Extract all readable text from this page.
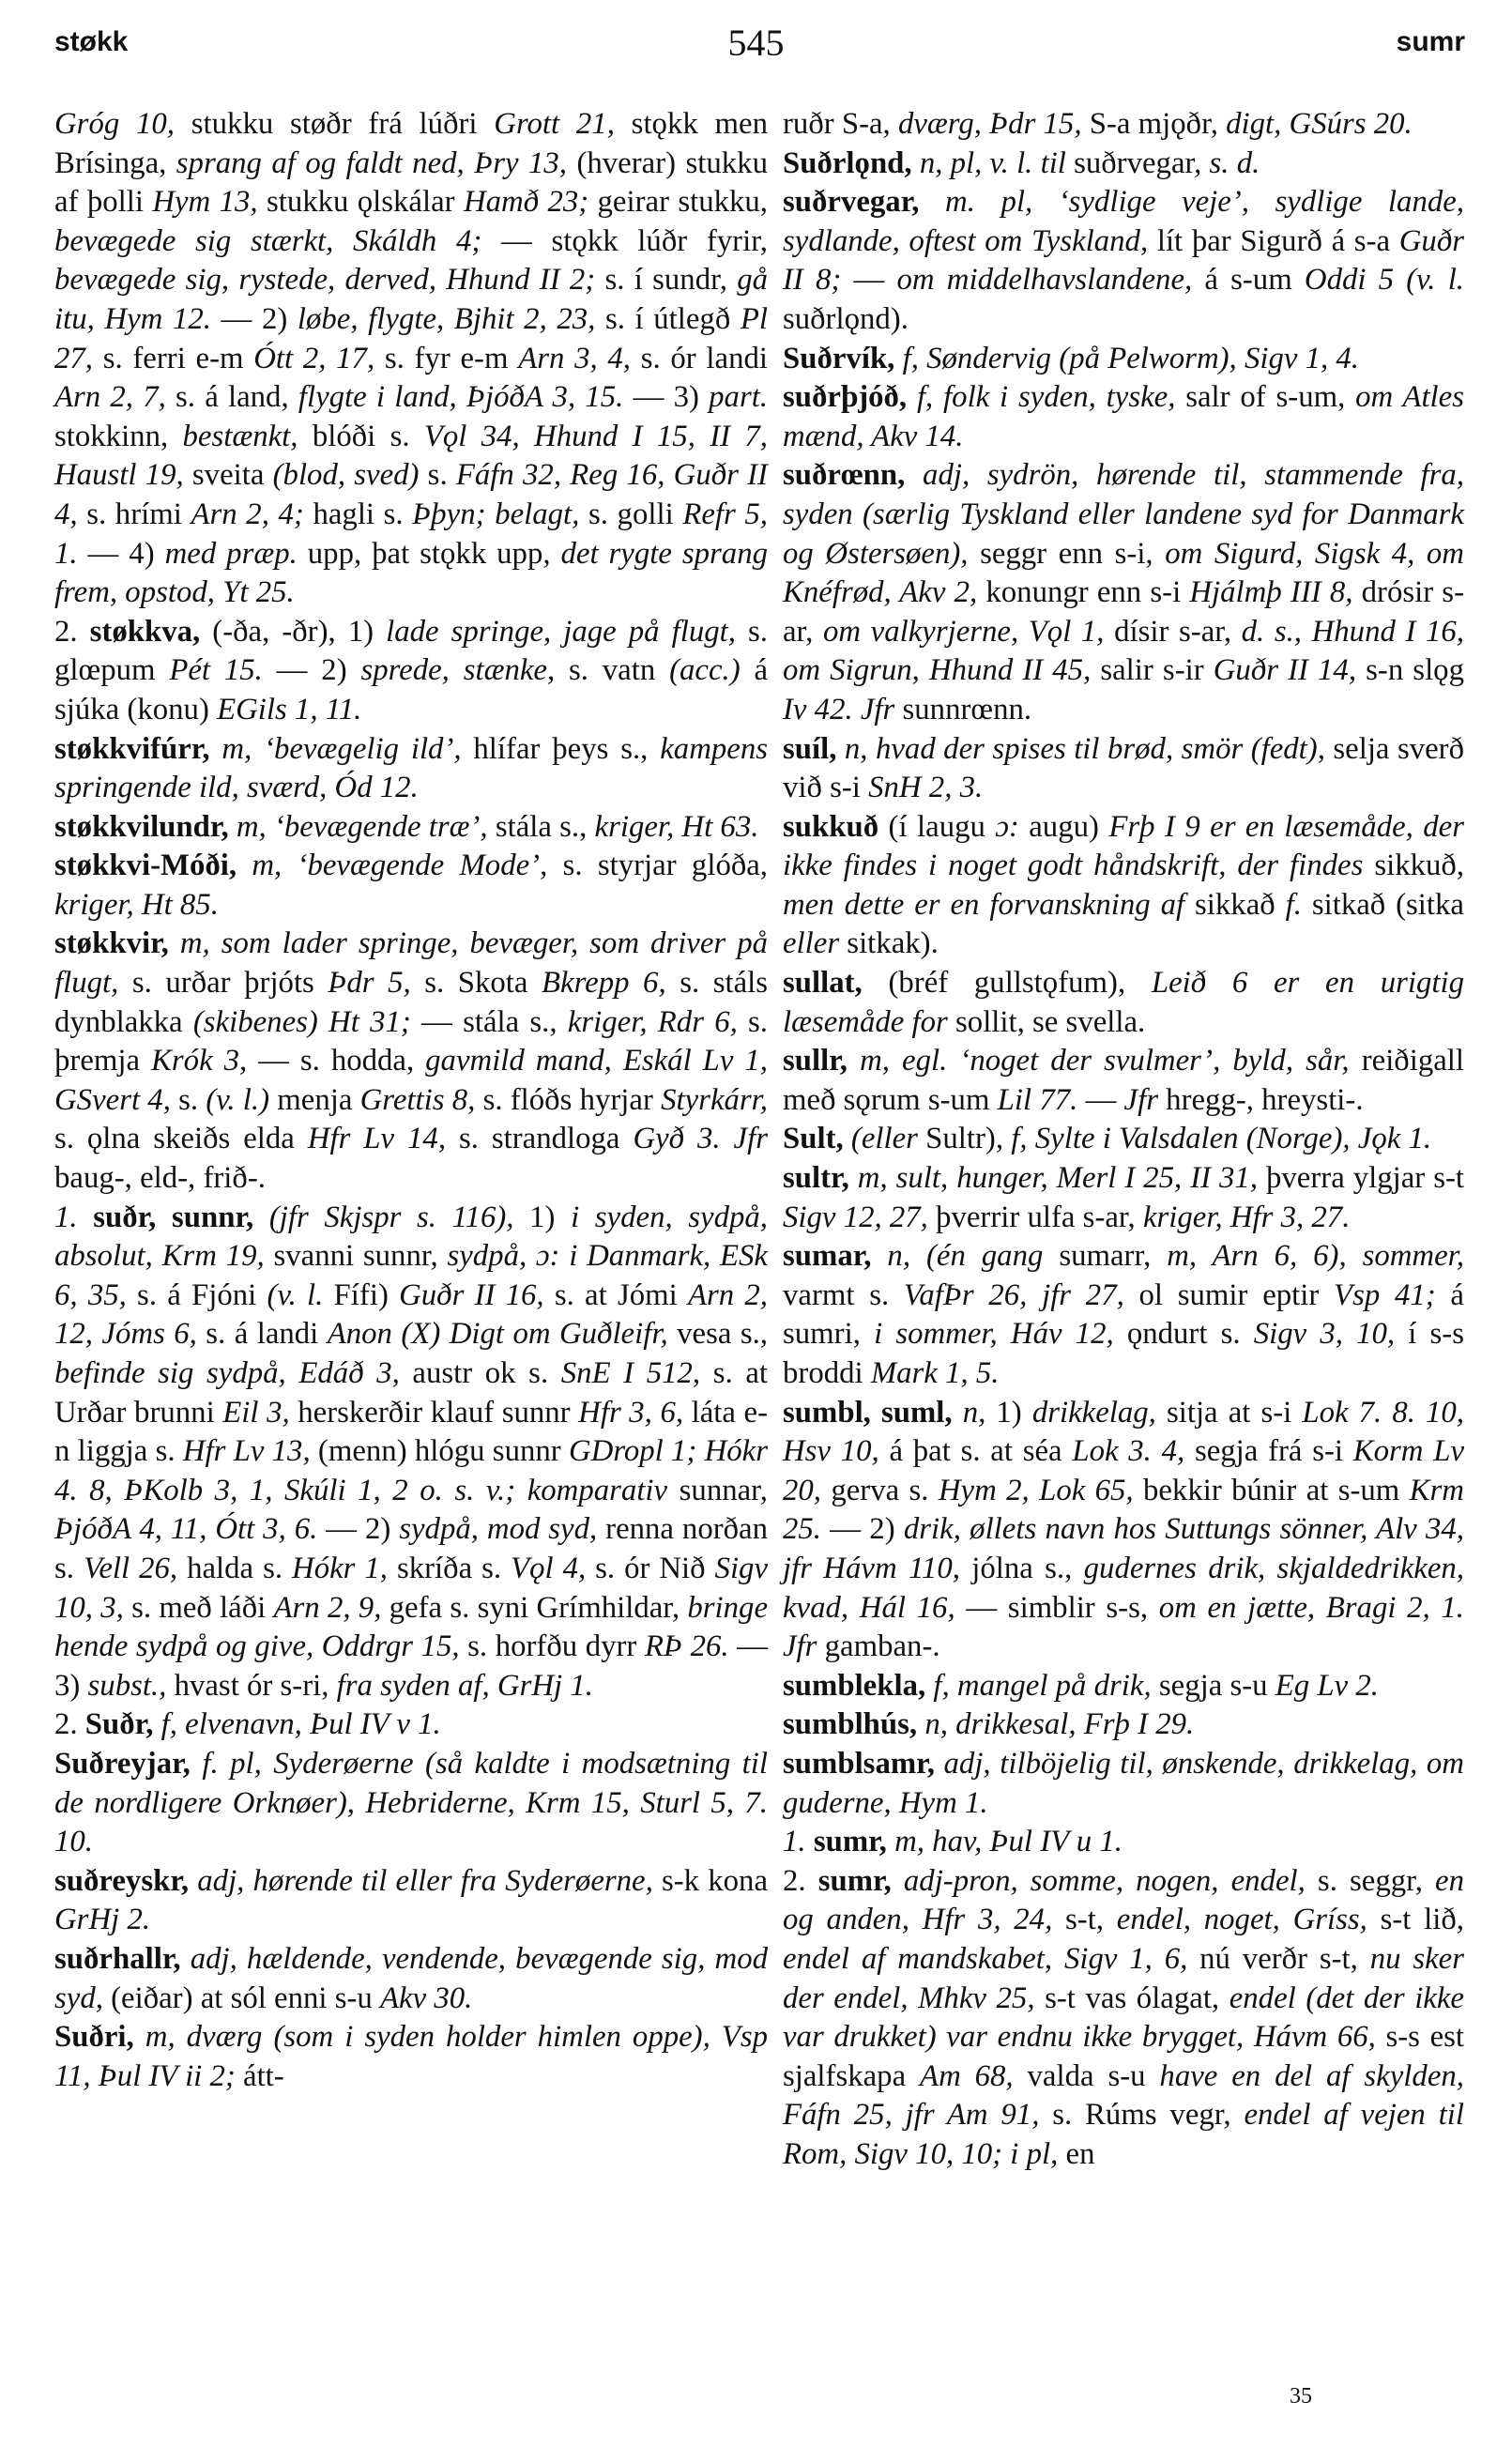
støkk	545	sumr

Gróg 10, stukku støðr frá lúðri Grott 21, stǫkk men Brísinga, sprang af og faldt ned, Þry 13, (hverar) stukku af þolli Hym 13, stukku ǫlskálar Hamð 23; geirar stukku, bevægede sig stærkt, Skáldh 4; — stǫkk lúðr fyrir, bevægede sig, rystede, derved, Hhund II 2; s. í sundr, gå itu, Hym 12. — 2) løbe, flygte, Bjhit 2, 23, s. í útlegð Pl 27, s. ferri e-m Ótt 2, 17, s. fyr e-m Arn 3, 4, s. ór landi Arn 2, 7, s. á land, flygte i land, ÞjóðA 3, 15. — 3) part. stokkinn, bestænkt, blóði s. Vǫl 34, Hhund I 15, II 7, Haustl 19, sveita (blod, sved) s. Fáfn 32, Reg 16, Guðr II 4, s. hrími Arn 2, 4; hagli s. Þþyn; belagt, s. golli Refr 5, 1. — 4) med præp. upp, þat stǫkk upp, det rygte sprang frem, opstod, Yt 25.

2. støkkva, (-ða, -ðr), 1) lade springe, jage på flugt, s. glœpum Pét 15. — 2) sprede, stænke, s. vatn (acc.) á sjúka (konu) EGils 1, 11.

støkkvifúrr, m, ‘bevægelig ild’, hlífar þeys s., kampens springende ild, sværd, Ód 12.

støkkvilundr, m, ‘bevægende træ’, stála s., kriger, Ht 63.

støkkvi-Móði, m, ‘bevægende Mode’, s. styrjar glóða, kriger, Ht 85.

støkkvir, m, som lader springe, bevæger, som driver på flugt, s. urðar þrjóts Þdr 5, s. Skota Bkrepp 6, s. stáls dynblakka (skibenes) Ht 31; — stála s., kriger, Rdr 6, s. þremja Krók 3, — s. hodda, gavmild mand, Eskál Lv 1, GSvert 4, s. (v. l.) menja Grettis 8, s. flóðs hyrjar Styrkárr, s. ǫlna skeiðs elda Hfr Lv 14, s. strandloga Gyð 3. Jfr baug-, eld-, frið-.

1. suðr, sunnr, (jfr Skjspr s. 116), 1) i syden, sydpå, absolut, Krm 19, svanni sunnr, sydpå, ɔ: i Danmark, ESk 6, 35, s. á Fjóni (v. l. Fífi) Guðr II 16, s. at Jómi Arn 2, 12, Jóms 6, s. á landi Anon (X) Digt om Guðleifr, vesa s., befinde sig sydpå, Edáð 3, austr ok s. SnE I 512, s. at Urðar brunni Eil 3, herskerðir klauf sunnr Hfr 3, 6, láta e-n liggja s. Hfr Lv 13, (menn) hlógu sunnr GDropl 1; Hókr 4. 8, ÞKolb 3, 1, Skúli 1, 2 o. s. v.; komparativ sunnar, ÞjóðA 4, 11, Ótt 3, 6. — 2) sydpå, mod syd, renna norðan s. Vell 26, halda s. Hókr 1, skríða s. Vǫl 4, s. ór Nið Sigv 10, 3, s. með láði Arn 2, 9, gefa s. syni Grímhildar, bringe hende sydpå og give, Oddrgr 15, s. horfðu dyrr RÞ 26. — 3) subst., hvast ór s-ri, fra syden af, GrHj 1.

2. Suðr, f, elvenavn, Þul IV v 1.

Suðreyjar, f. pl, Syderøerne (så kaldte i modsætning til de nordligere Orknøer), Hebriderne, Krm 15, Sturl 5, 7. 10.

suðreyskr, adj, hørende til eller fra Syderøerne, s-k kona GrHj 2.

suðrhallr, adj, hældende, vendende, bevægende sig, mod syd, (eiðar) at sól enni s-u Akv 30.

Suðri, m, dværg (som i syden holder himlen oppe), Vsp 11, Þul IV ii 2; átt-

ruðr S-a, dværg, Þdr 15, S-a mjǫðr, digt, GSúrs 20.

Suðrlǫnd, n, pl, v. l. til suðrvegar, s. d.

suðrvegar, m. pl, ‘sydlige veje’, sydlige lande, sydlande, oftest om Tyskland, lít þar Sigurð á s-a Guðr II 8; — om middelhavslandene, á s-um Oddi 5 (v. l. suðrlǫnd).

Suðrvík, f, Søndervig (på Pelworm), Sigv 1, 4.

suðrþjóð, f, folk i syden, tyske, salr of s-um, om Atles mænd, Akv 14.

suðrœnn, adj, sydrön, hørende til, stammende fra, syden (særlig Tyskland eller landene syd for Danmark og Østersøen), seggr enn s-i, om Sigurd, Sigsk 4, om Knéfrød, Akv 2, konungr enn s-i Hjálmþ III 8, drósir s-ar, om valkyrjerne, Vǫl 1, dísir s-ar, d. s., Hhund I 16, om Sigrun, Hhund II 45, salir s-ir Guðr II 14, s-n slǫg Iv 42. Jfr sunnrœnn.

suíl, n, hvad der spises til brød, smör (fedt), selja sverð við s-i SnH 2, 3.

sukkuð (í laugu ɔ: augu) Frþ I 9 er en læsemåde, der ikke findes i noget godt håndskrift, der findes sikkuð, men dette er en forvanskning af sikkað f. sitkað (sitka eller sitkak).

sullat, (bréf gullstǫfum), Leið 6 er en urigtig læsemåde for sollit, se svella.

sullr, m, egl. ‘noget der svulmer’, byld, sår, reiðigall með sǫrum s-um Lil 77. — Jfr hregg-, hreysti-.

Sult, (eller Sultr), f, Sylte i Valsdalen (Norge), Jǫk 1.

sultr, m, sult, hunger, Merl I 25, II 31, þverra ylgjar s-t Sigv 12, 27, þverrir ulfa s-ar, kriger, Hfr 3, 27.

sumar, n, (én gang sumarr, m, Arn 6, 6), sommer, varmt s. VafÞr 26, jfr 27, ol sumir eptir Vsp 41; á sumri, i sommer, Háv 12, ǫndurt s. Sigv 3, 10, í s-s broddi Mark 1, 5.

sumbl, suml, n, 1) drikkelag, sitja at s-i Lok 7. 8. 10, Hsv 10, á þat s. at séa Lok 3. 4, segja frá s-i Korm Lv 20, gerva s. Hym 2, Lok 65, bekkir búnir at s-um Krm 25. — 2) drik, øllets navn hos Suttungs sönner, Alv 34, jfr Hávm 110, jólna s., gudernes drik, skjaldedrikken, kvad, Hál 16, — simblir s-s, om en jætte, Bragi 2, 1. Jfr gamban-.

sumblekla, f, mangel på drik, segja s-u Eg Lv 2.

sumblhús, n, drikkesal, Frþ I 29.

sumblsamr, adj, tilböjelig til, ønskende, drikkelag, om guderne, Hym 1.

1. sumr, m, hav, Þul IV u 1.

2. sumr, adj-pron, somme, nogen, endel, s. seggr, en og anden, Hfr 3, 24, s-t, endel, noget, Gríss, s-t lið, endel af mandskabet, Sigv 1, 6, nú verðr s-t, nu sker der endel, Mhkv 25, s-t vas ólagat, endel (det der ikke var drukket) var endnu ikke brygget, Hávm 66, s-s est sjalfskapa Am 68, valda s-u have en del af skylden, Fáfn 25, jfr Am 91, s. Rúms vegr, endel af vejen til Rom, Sigv 10, 10; i pl, en

35
